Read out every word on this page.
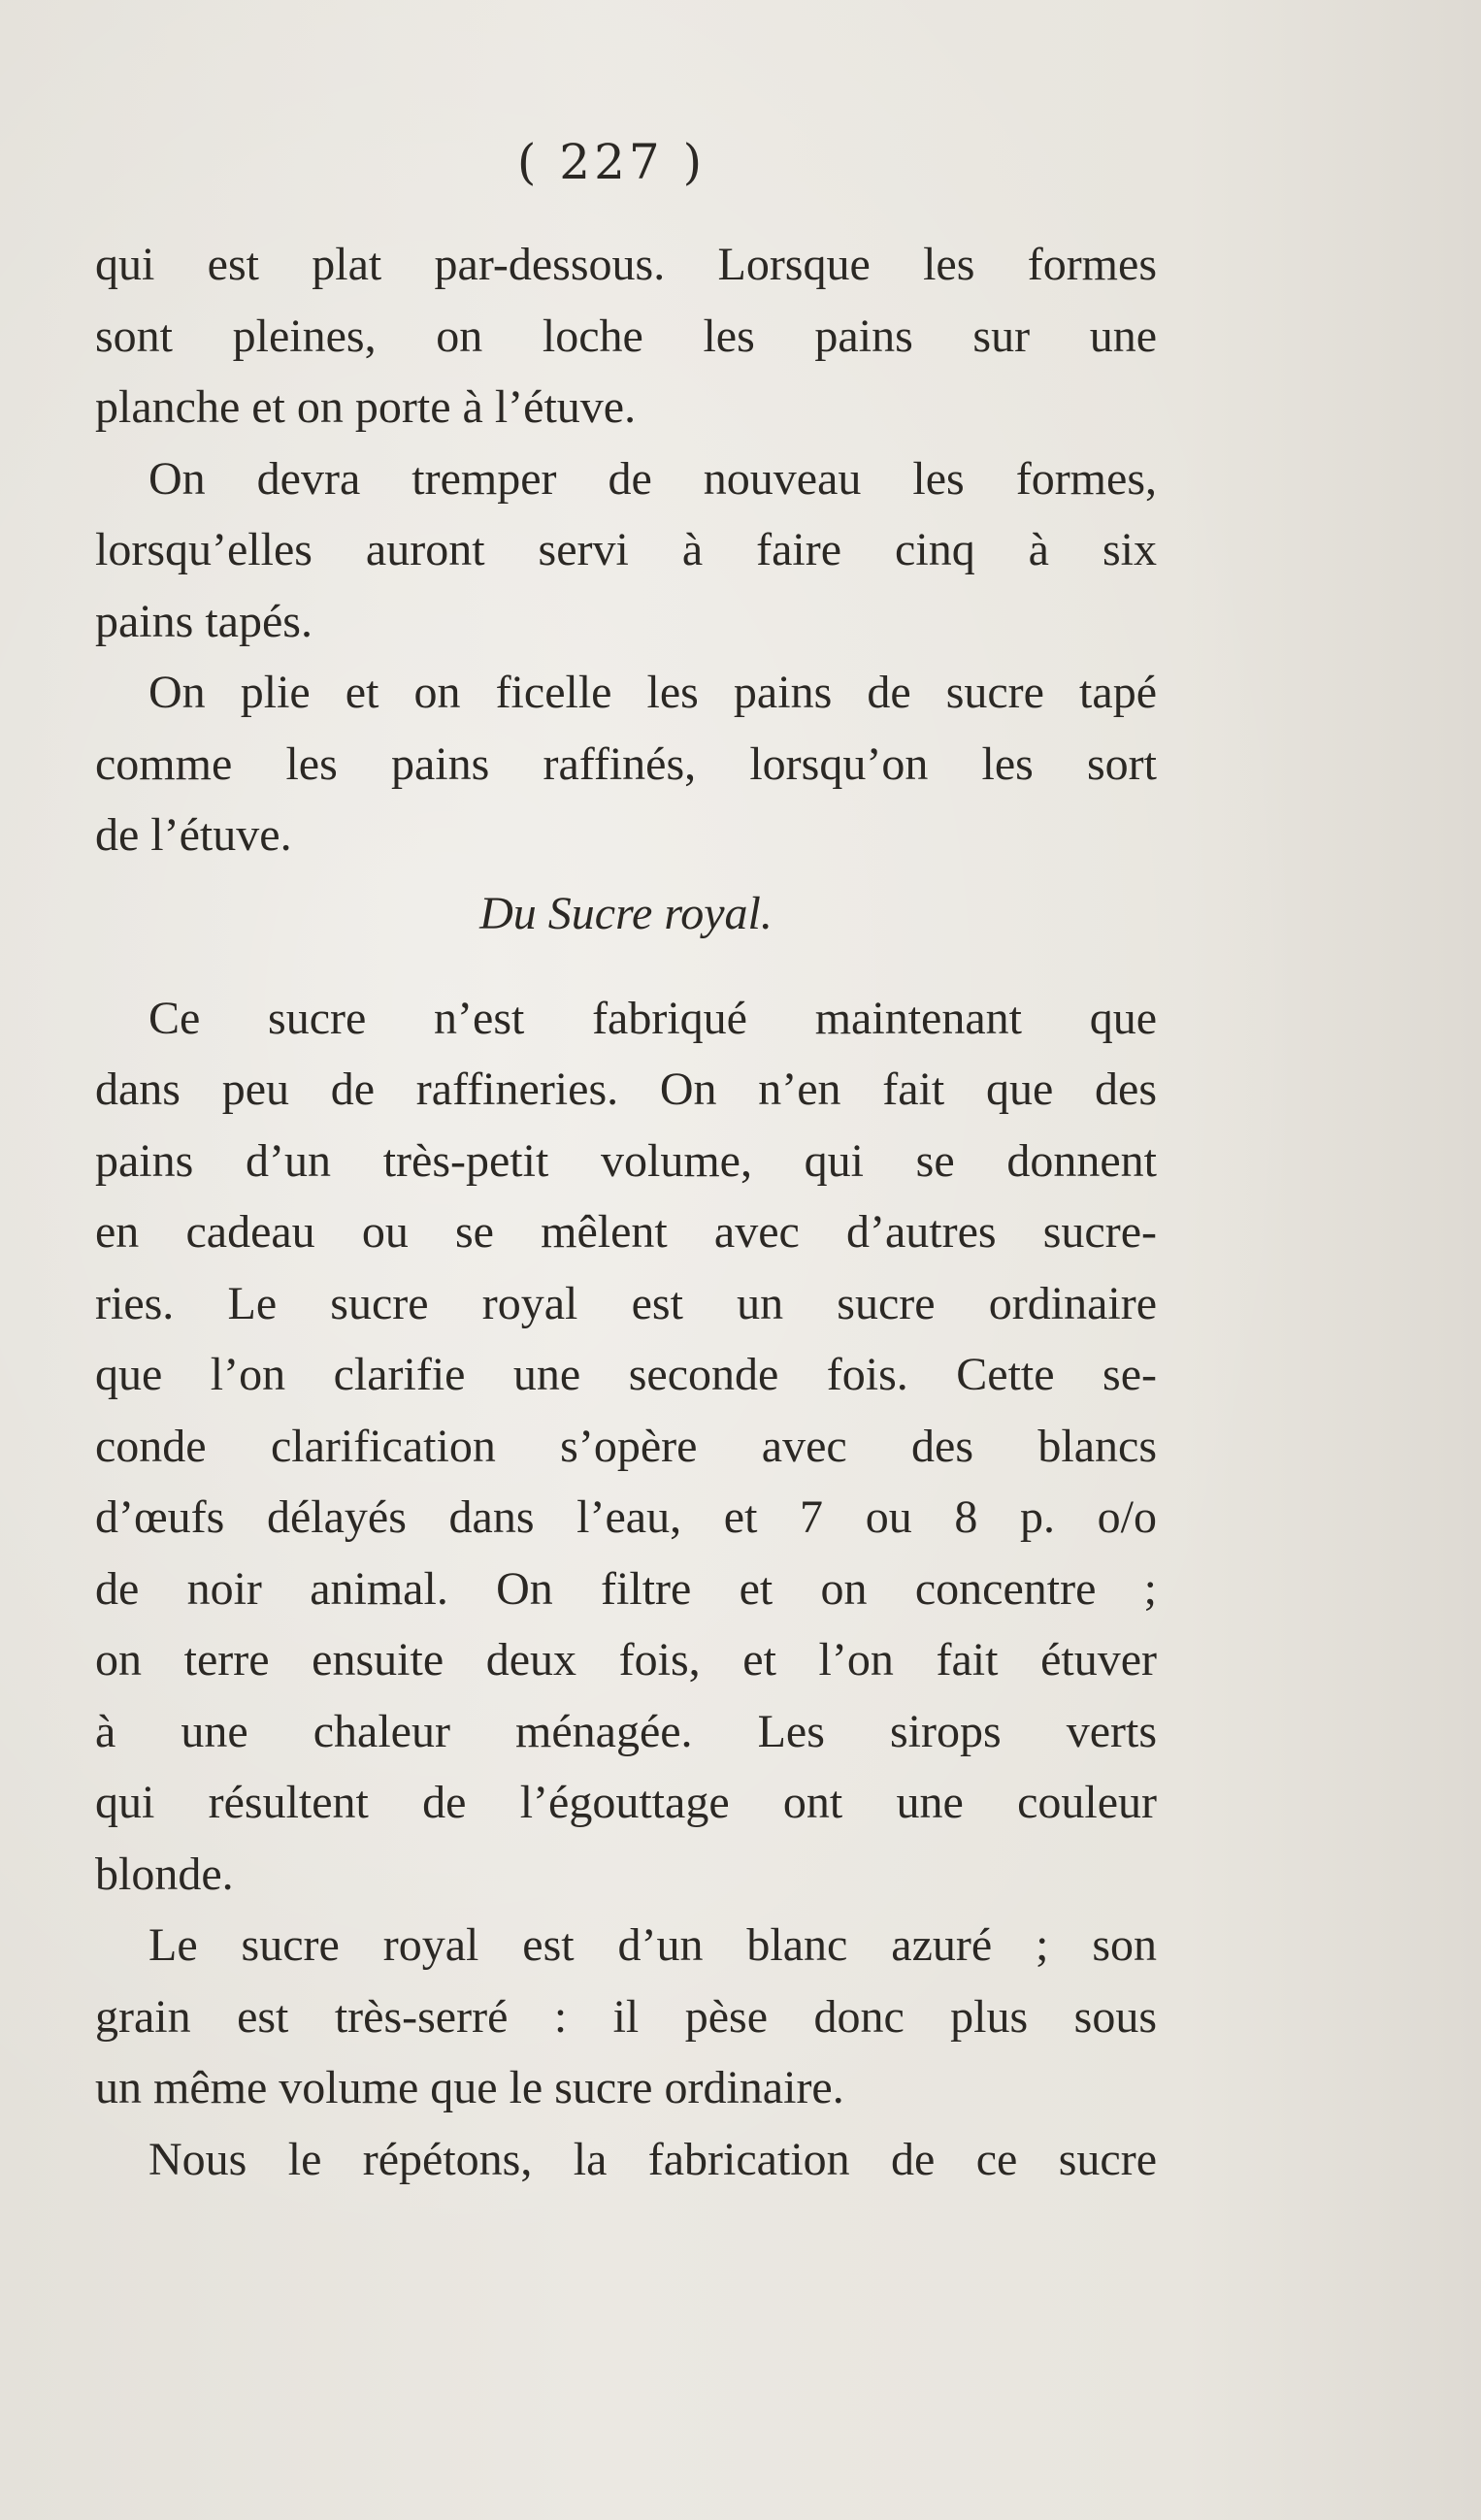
( 227 )
qui est plat par-dessous. Lorsque les formes
sont pleines, on loche les pains sur une
planche et on porte à l’étuve.
On devra tremper de nouveau les formes,
lorsqu’elles auront servi à faire cinq à six
pains tapés.
On plie et on ficelle les pains de sucre tapé
comme les pains raffinés, lorsqu’on les sort
de l’étuve.
Du Sucre royal.
Ce sucre n’est fabriqué maintenant que
dans peu de raffineries. On n’en fait que des
pains d’un très-petit volume, qui se donnent
en cadeau ou se mêlent avec d’autres sucre-
ries. Le sucre royal est un sucre ordinaire
que l’on clarifie une seconde fois. Cette se-
conde clarification s’opère avec des blancs
d’œufs délayés dans l’eau, et 7 ou 8 p. o/o
de noir animal. On filtre et on concentre ;
on terre ensuite deux fois, et l’on fait étuver
à une chaleur ménagée. Les sirops verts
qui résultent de l’égouttage ont une couleur
blonde.
Le sucre royal est d’un blanc azuré ; son
grain est très-serré : il pèse donc plus sous
un même volume que le sucre ordinaire.
Nous le répétons, la fabrication de ce sucre
